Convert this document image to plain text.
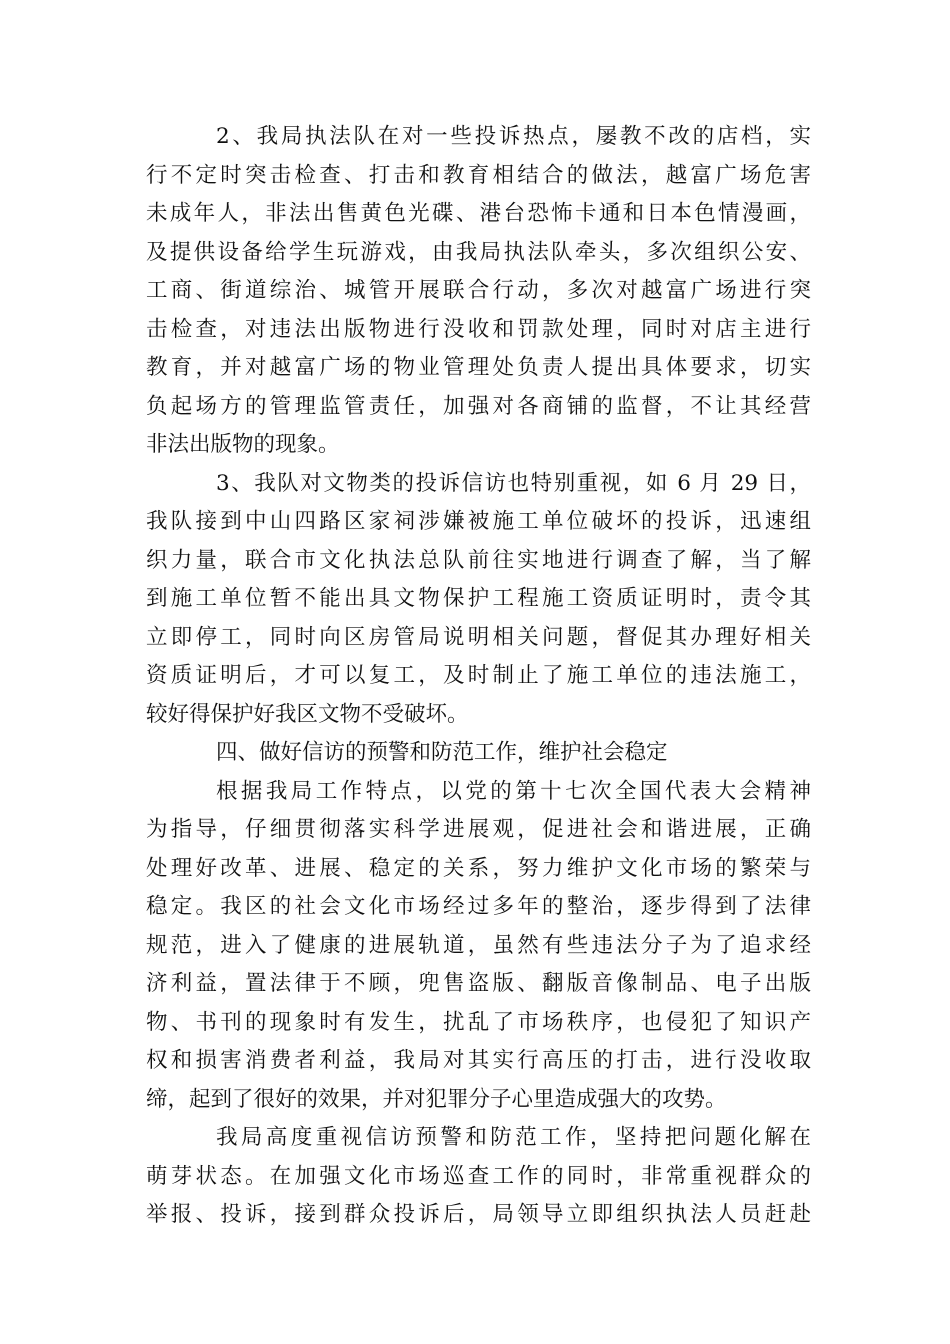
2、我局执法队在对一些投诉热点，屡教不改的店档，实
行不定时突击检查、打击和教育相结合的做法，越富广场危害
未成年人，非法出售黄色光碟、港台恐怖卡通和日本色情漫画，
及提供设备给学生玩游戏，由我局执法队牵头，多次组织公安、
工商、街道综治、城管开展联合行动，多次对越富广场进行突
击检查，对违法出版物进行没收和罚款处理，同时对店主进行
教育，并对越富广场的物业管理处负责人提出具体要求，切实
负起场方的管理监管责任，加强对各商铺的监督，不让其经营
非法出版物的现象。
3、我队对文物类的投诉信访也特别重视，如 6 月 29 日，
我队接到中山四路区家祠涉嫌被施工单位破坏的投诉，迅速组
织力量，联合市文化执法总队前往实地进行调查了解，当了解
到施工单位暂不能出具文物保护工程施工资质证明时，责令其
立即停工，同时向区房管局说明相关问题，督促其办理好相关
资质证明后，才可以复工，及时制止了施工单位的违法施工，
较好得保护好我区文物不受破坏。
四、做好信访的预警和防范工作，维护社会稳定
根据我局工作特点，以党的第十七次全国代表大会精神
为指导，仔细贯彻落实科学进展观，促进社会和谐进展，正确
处理好改革、进展、稳定的关系，努力维护文化市场的繁荣与
稳定。我区的社会文化市场经过多年的整治，逐步得到了法律
规范，进入了健康的进展轨道，虽然有些违法分子为了追求经
济利益，置法律于不顾，兜售盗版、翻版音像制品、电子出版
物、书刊的现象时有发生，扰乱了市场秩序，也侵犯了知识产
权和损害消费者利益，我局对其实行高压的打击，进行没收取
缔，起到了很好的效果，并对犯罪分子心里造成强大的攻势。
我局高度重视信访预警和防范工作，坚持把问题化解在
萌芽状态。在加强文化市场巡查工作的同时，非常重视群众的
举报、投诉，接到群众投诉后，局领导立即组织执法人员赶赴
